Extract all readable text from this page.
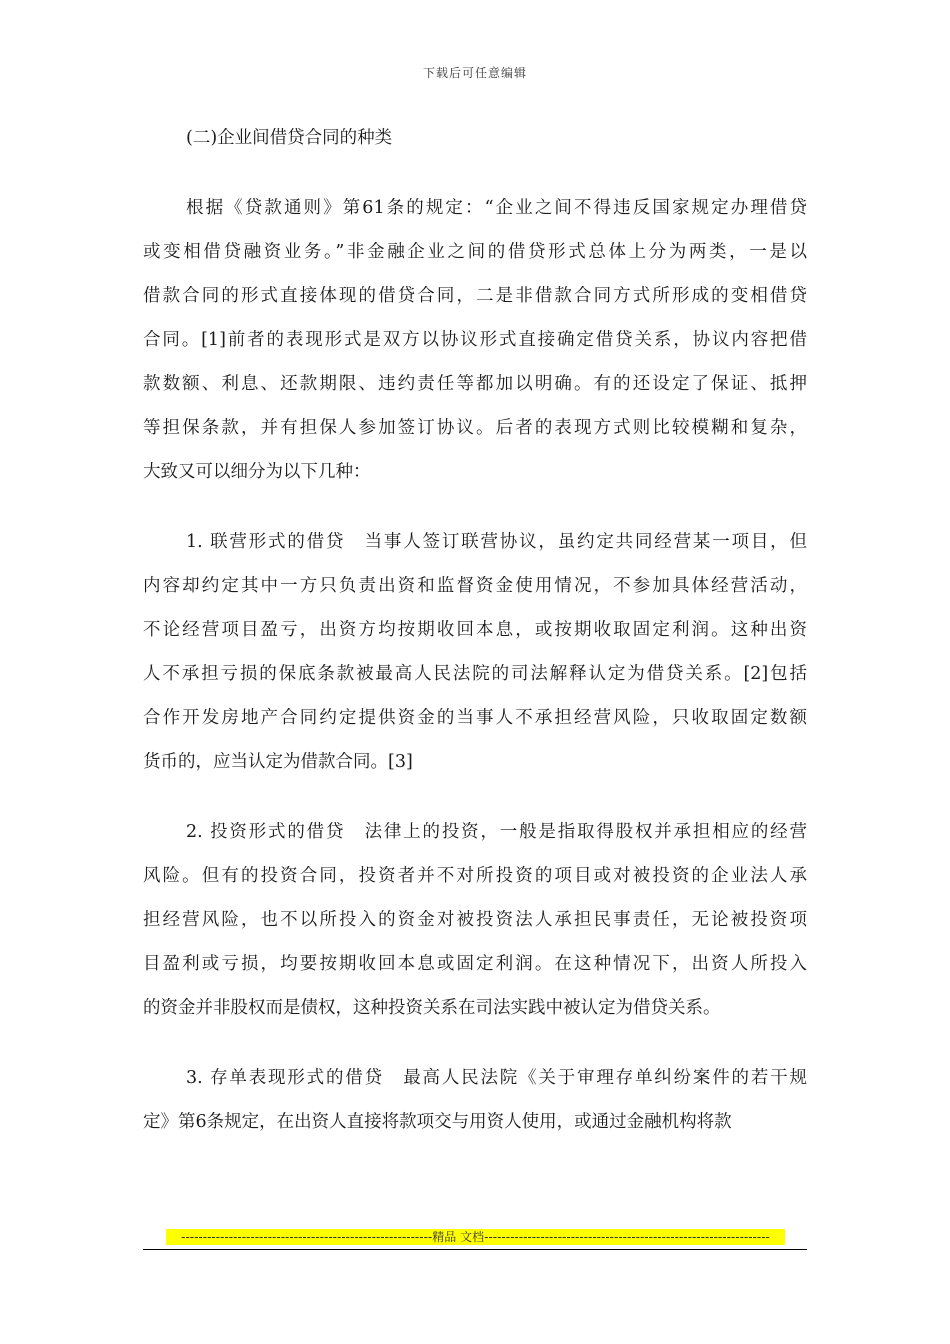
下载后可任意编辑

(二)企业间借贷合同的种类

根据《贷款通则》第61条的规定：“企业之间不得违反国家规定办理借贷
或变相借贷融资业务。”非金融企业之间的借贷形式总体上分为两类，一是以
借款合同的形式直接体现的借贷合同，二是非借款合同方式所形成的变相借贷
合同。[1]前者的表现形式是双方以协议形式直接确定借贷关系，协议内容把借
款数额、利息、还款期限、违约责任等都加以明确。有的还设定了保证、抵押
等担保条款，并有担保人参加签订协议。后者的表现方式则比较模糊和复杂，
大致又可以细分为以下几种：
1. 联营形式的借贷　当事人签订联营协议，虽约定共同经营某一项目，但
内容却约定其中一方只负责出资和监督资金使用情况，不参加具体经营活动，
不论经营项目盈亏，出资方均按期收回本息，或按期收取固定利润。这种出资
人不承担亏损的保底条款被最高人民法院的司法解释认定为借贷关系。[2]包括
合作开发房地产合同约定提供资金的当事人不承担经营风险，只收取固定数额
货币的，应当认定为借款合同。[3]
2. 投资形式的借贷　法律上的投资，一般是指取得股权并承担相应的经营
风险。但有的投资合同，投资者并不对所投资的项目或对被投资的企业法人承
担经营风险，也不以所投入的资金对被投资法人承担民事责任，无论被投资项
目盈利或亏损，均要按期收回本息或固定利润。在这种情况下，出资人所投入
的资金并非股权而是债权，这种投资关系在司法实践中被认定为借贷关系。
3. 存单表现形式的借贷　最高人民法院《关于审理存单纠纷案件的若干规
定》第6条规定，在出资人直接将款项交与用资人使用，或通过金融机构将款
----------------------------------------------------------精品 文档------------------------------------------------------------------
